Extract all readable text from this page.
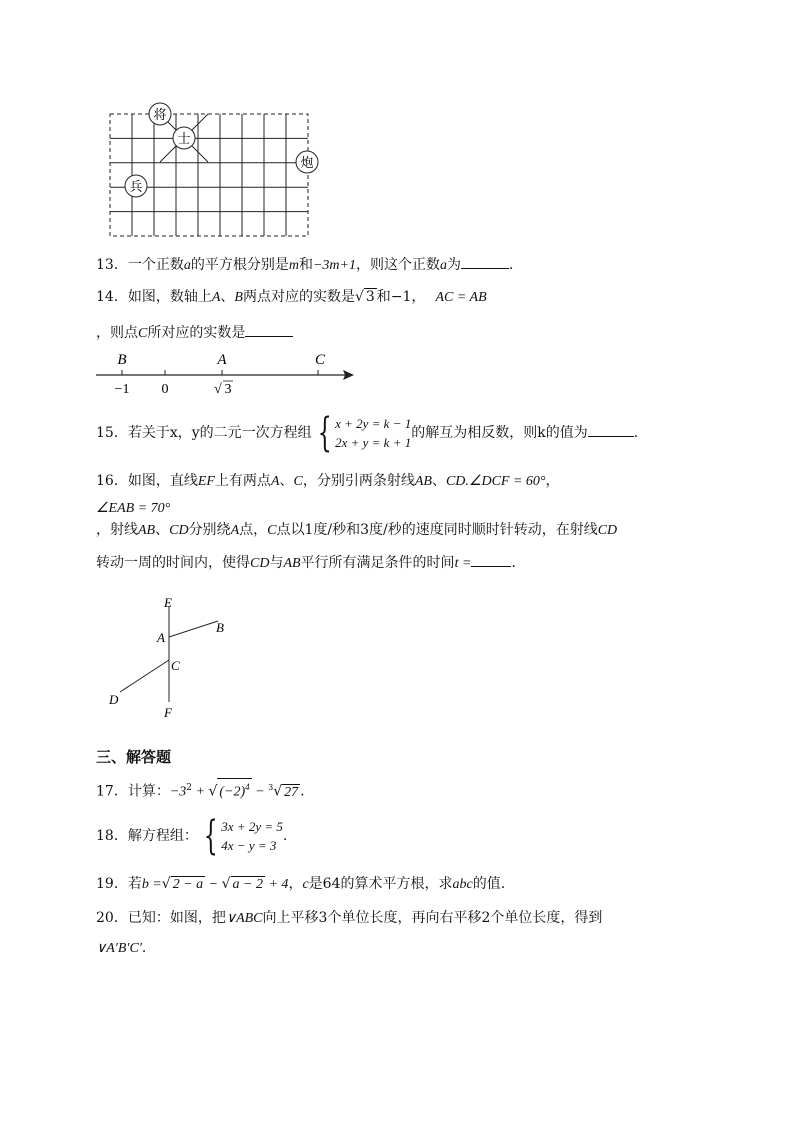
将
士
炮
兵
13．一个正数a的平方根分别是m和−3m+1，则这个正数a为	.
14．如图，数轴上A、B两点对应的实数是√ 3 和−1， AC = AB
，则点C所对应的实数是
B	A	C
−1 0	√ 3
15．若关于x，y的二元一次方程组 { x + 2y = k − 1
2x + y = k + 1
的解互为相反数，则k的值为	.
16．如图，直线EF上有两点A、C，分别引两条射线AB、CD.∠DCF = 60°，
∠EAB = 70°
，射线AB、CD分别绕A点，C点以1度/秒和3度/秒的速度同时顺时针转动，在射线CD
转动一周的时间内，使得CD与AB平行所有满足条件的时间t =	.
E
A
B
C
D
F
三、解答题
17．计算：$-3^2$ + √ $(-2)^4 - ^3√$ 27 .
18．解方程组： { 3x + 2y = 5
4x − y = 3
.
19．若b =√ 2 − a − √ a − 2 + 4，c是64的算术平方根，求abc的值.
20．已知：如图，把∨ABC向上平移3个单位长度，再向右平移2个单位长度，得到
∨A′B′C′.
